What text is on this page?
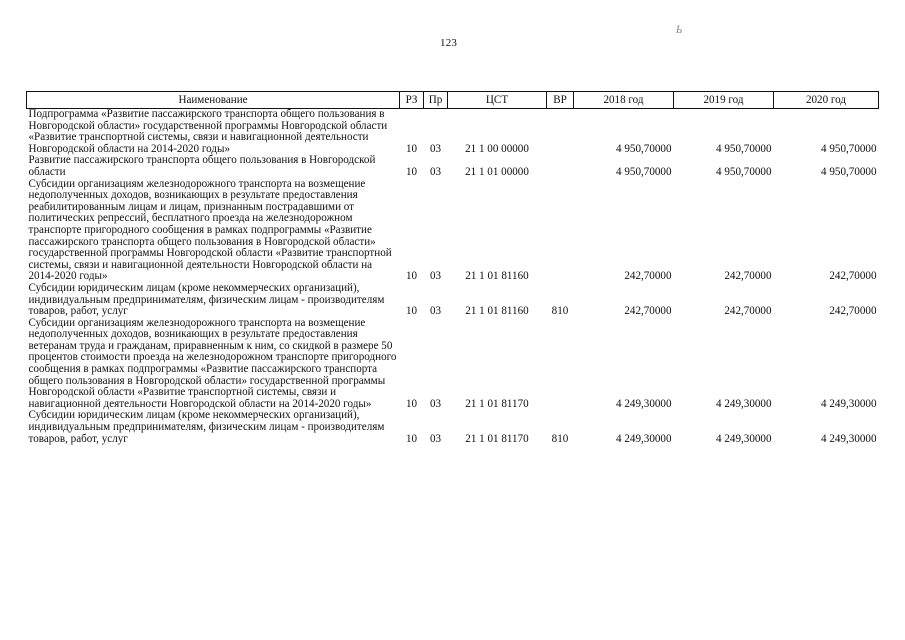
123
Ь
Наименование	РЗ	Пр	ЦСТ	ВР	2018 год	2019 год	2020 год
Подпрограмма «Развитие пассажирского транспорта общего пользования в Новгородской области» государственной программы Новгородской области «Развитие транспортной системы, связи и навигационной деятельности Новгородской области на 2014-2020 годы»	10	03	21 1 00 00000		4 950,70000	4 950,70000	4 950,70000
Развитие пассажирского транспорта общего пользования в Новгородской области	10	03	21 1 01 00000		4 950,70000	4 950,70000	4 950,70000
Субсидии организациям железнодорожного транспорта на возмещение недополученных доходов, возникающих в результате предоставления реабилитированным лицам и лицам, признанным пострадавшими от политических репрессий, бесплатного проезда на железнодорожном транспорте пригородного сообщения в рамках подпрограммы «Развитие пассажирского транспорта общего пользования в Новгородской области» государственной программы Новгородской области «Развитие транспортной системы, связи и навигационной деятельности Новгородской области на 2014-2020 годы»	10	03	21 1 01 81160		242,70000	242,70000	242,70000
Субсидии юридическим лицам (кроме некоммерческих организаций), индивидуальным предпринимателям, физическим лицам - производителям товаров, работ, услуг	10	03	21 1 01 81160	810	242,70000	242,70000	242,70000
Субсидии организациям железнодорожного транспорта на возмещение недополученных доходов, возникающих в результате предоставления ветеранам труда и гражданам, приравненным к ним, со скидкой в размере 50 процентов стоимости проезда на железнодорожном транспорте пригородного сообщения в рамках подпрограммы «Развитие пассажирского транспорта общего пользования в Новгородской области» государственной программы Новгородской области «Развитие транспортной системы, связи и навигационной деятельности Новгородской области на 2014-2020 годы»	10	03	21 1 01 81170		4 249,30000	4 249,30000	4 249,30000
Субсидии юридическим лицам (кроме некоммерческих организаций), индивидуальным предпринимателям, физическим лицам - производителям товаров, работ, услуг	10	03	21 1 01 81170	810	4 249,30000	4 249,30000	4 249,30000
